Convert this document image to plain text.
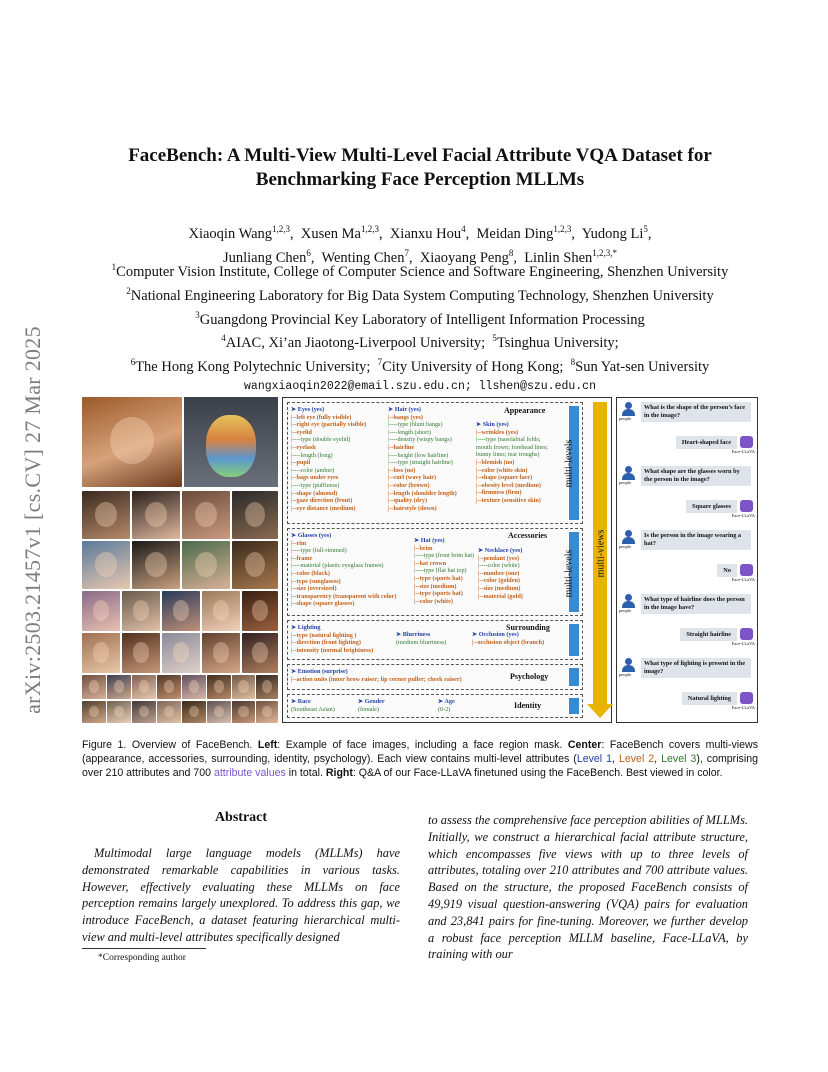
arXiv:2503.21457v1 [cs.CV] 27 Mar 2025
FaceBench: A Multi-View Multi-Level Facial Attribute VQA Dataset for
Benchmarking Face Perception MLLMs
Xiaoqin Wang$^{1,2,3}$,  Xusen Ma$^{1,2,3}$,  Xianxu Hou$^4$,  Meidan Ding$^{1,2,3}$,  Yudong Li$^5$,
Junliang Chen$^6$,  Wenting Chen$^7$,  Xiaoyang Peng$^8$,  Linlin Shen$^{1,2,3,*}$
$^1$Computer Vision Institute, College of Computer Science and Software Engineering, Shenzhen University
$^2$National Engineering Laboratory for Big Data System Computing Technology, Shenzhen University
$^3$Guangdong Provincial Key Laboratory of Intelligent Information Processing
$^4$AIAC, Xi’an Jiaotong-Liverpool University; $^5$Tsinghua University;
$^6$The Hong Kong Polytechnic University; $^7$City University of Hong Kong; $^8$Sun Yat-sen University
wangxiaoqin2022@email.szu.edu.cn; llshen@szu.edu.cn
Appearance
➤ Eyes (yes)
|--left eye (fully visible)
|--right eye (partially visible)
|--eyelid
|----type (double eyelid)
|--eyelash
|----length (long)
|--pupil
|----color (amber)
|--bags under eyes
|----type (puffiness)
|--shape (almond)
|--gaze direction (front)
|--eye distance (medium)
➤ Hair (yes)
|--bangs (yes)
|----type (blunt bangs)
|----length (short)
|----density (wispy bangs)
|--hairline
|----height (low hairline)
|----type (straight hairline)
|--loss (no)
|--curl (wavy hair)
|--color (brown)
|--length (shoulder length)
|--quality (dry)
|--hairstyle (down)
➤ Skin (yes)
|--wrinkles (yes)
|----type (nasolabial folds;
mouth frown; forehead lines;
bunny lines; tear troughs)
|--blemish (no)
|--color (white skin)
|--shape (square face)
|--obesity level (medium)
|--firmness (firm)
|--texture (sensitive skin)
Accessories
➤ Glasses (yes)
|--rim
|----type (full-rimmed)
|--frame
|----material (plastic eyeglass frames)
|--color (black)
|--type (sunglasses)
|--size (oversized)
|--transparency (transparent with color)
|--shape (square glasses)
➤ Hat (yes)
|--brim
|----type (front brim hat)
|--hat crown
|----type (flat hat top)
|--type (sports hat)
|--size (medium)
|--type (sports hat)
|--color (white)
➤ Necklace (yes)
|--pendant (yes)
|----color (white)
|--number (one)
|--color (golden)
|--size (medium)
|--material (gold)
Surrounding
➤ Lighting
|--type (natural lighting )
|--direction (front lighting)
|--intensity (normal brightness)
➤ Blurriness
(medium blurriness)
➤ Occlusion (yes)
|--occlusion object (branch)
Psychology
➤ Emotion (surprise)
|--action units (inner brow raiser; lip corner puller; cheek raiser)
Identity
➤ Race
(Southeast Asian)
➤ Gender
(female)
➤ Age
(0-2)
multi-levels
multi-levels multi-views
people
What is the shape of the person’s face in the image?
Heart-shaped face
Face-LLaVA
people
What shape are the glasses worn by the person in the image?
Square glasses
Face-LLaVA
people
Is the person in the image wearing a hat?
No
Face-LLaVA
people
What type of hairline does the person in the image have?
Straight hairline
Face-LLaVA
people
What type of lighting is present in the image?
Natural lighting
Face-LLaVA
Figure 1. Overview of FaceBench. Left: Example of face images, including a face region mask. Center: FaceBench covers multi-views (appearance, accessories, surrounding, identity, psychology). Each view contains multi-level attributes (Level 1, Level 2, Level 3), comprising over 210 attributes and 700 attribute values in total. Right: Q&A of our Face-LLaVA finetuned using the FaceBench. Best viewed in color.
Abstract
Multimodal large language models (MLLMs) have demonstrated remarkable capabilities in various tasks. However, effectively evaluating these MLLMs on face perception remains largely unexplored. To address this gap, we introduce FaceBench, a dataset featuring hierarchical multi-view and multi-level attributes specifically designed
to assess the comprehensive face perception abilities of MLLMs. Initially, we construct a hierarchical facial attribute structure, which encompasses five views with up to three levels of attributes, totaling over 210 attributes and 700 attribute values. Based on the structure, the proposed FaceBench consists of 49,919 visual question-answering (VQA) pairs for evaluation and 23,841 pairs for fine-tuning. Moreover, we further develop a robust face perception MLLM baseline, Face-LLaVA, by training with our
*Corresponding author
